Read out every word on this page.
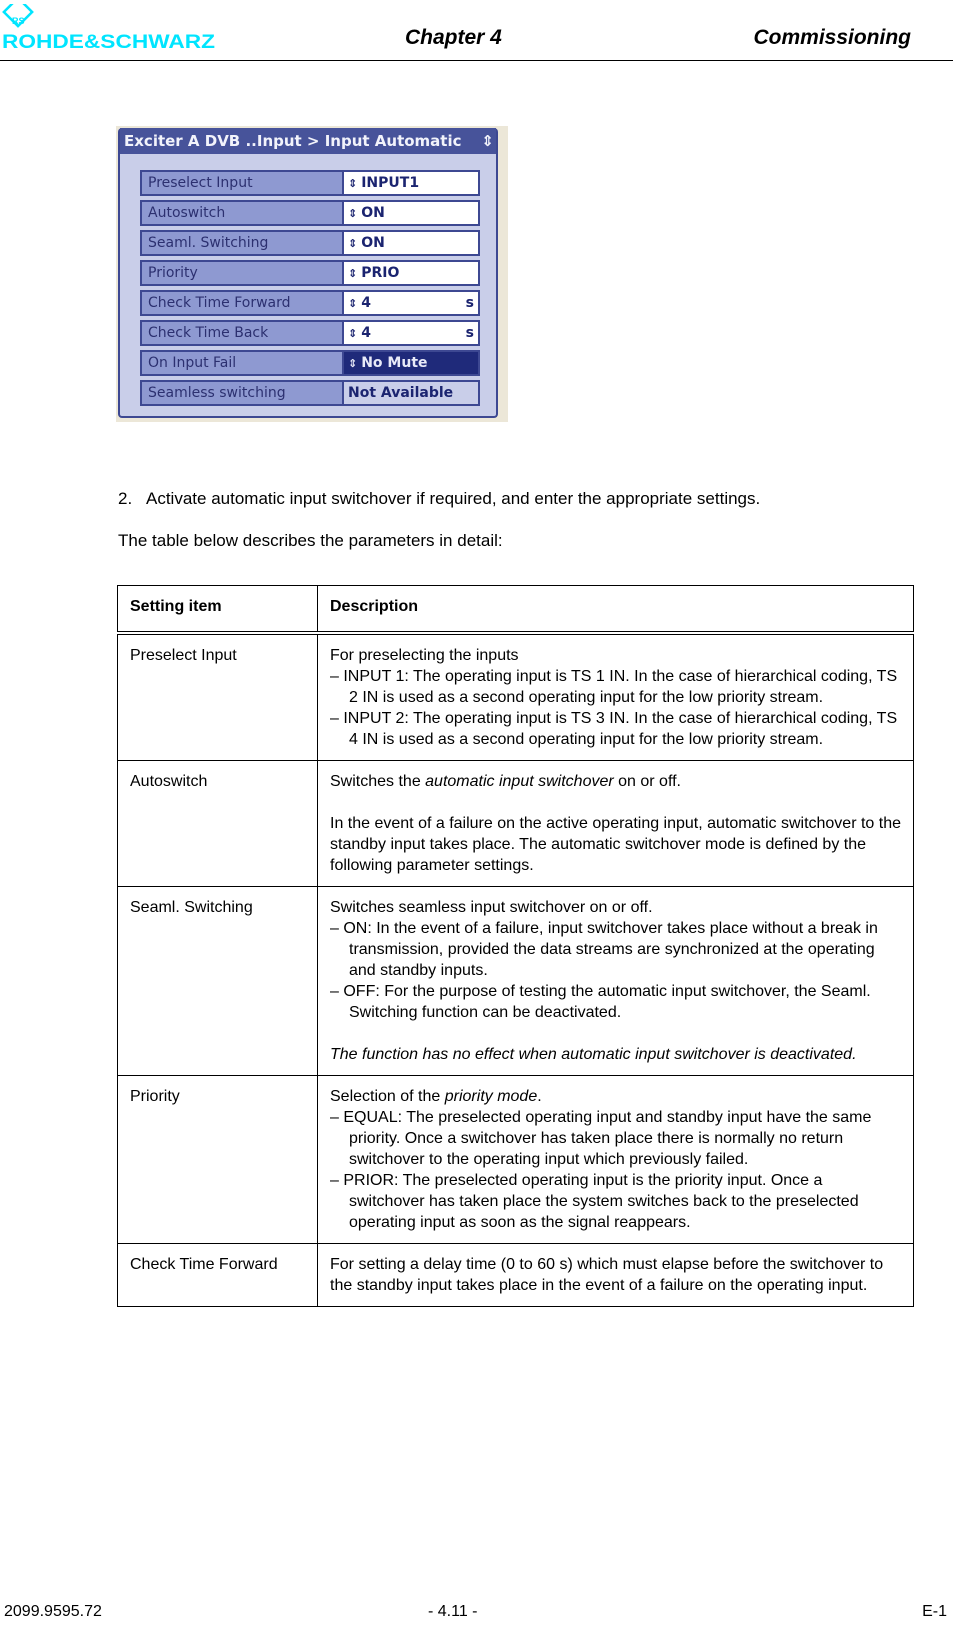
RS
ROHDE&SCHWARZ	Chapter 4	Commissioning
Exciter A DVB ..Input > Input Automatic ⇕
Preselect Input	⇕ INPUT1
Autoswitch	⇕ ON
Seaml. Switching	⇕ ON
Priority	⇕ PRIO
Check Time Forward	⇕ 4	s
Check Time Back	⇕ 4	s
On Input Fail	⇕ No Mute
Seamless switching	Not Available
2. Activate automatic input switchover if required, and enter the appropriate settings.
The table below describes the parameters in detail:
Setting item	Description
Preselect Input	For preselecting the inputs
– INPUT 1: The operating input is TS 1 IN. In the case of hierarchical coding, TS 2 IN is used as a second operating input for the low priority stream.
– INPUT 2: The operating input is TS 3 IN. In the case of hierarchical coding, TS 4 IN is used as a second operating input for the low priority stream.

Autoswitch	Switches the automatic input switchover on or off.
In the event of a failure on the active operating input, automatic switchover to the standby input takes place. The automatic switchover mode is defined by the following parameter settings.

Seaml. Switching	Switches seamless input switchover on or off.
– ON: In the event of a failure, input switchover takes place without a break in transmission, provided the data streams are synchronized at the operating and standby inputs.
– OFF: For the purpose of testing the automatic input switchover, the Seaml. Switching function can be deactivated.
The function has no effect when automatic input switchover is deactivated.

Priority	Selection of the priority mode.
– EQUAL: The preselected operating input and standby input have the same priority. Once a switchover has taken place there is normally no return switchover to the operating input which previously failed.
– PRIOR: The preselected operating input is the priority input. Once a switchover has taken place the system switches back to the preselected operating input as soon as the signal reappears.

Check Time Forward	For setting a delay time (0 to 60 s) which must elapse before the switchover to the standby input takes place in the event of a failure on the operating input.
2099.9595.72	- 4.11 -	E-1
